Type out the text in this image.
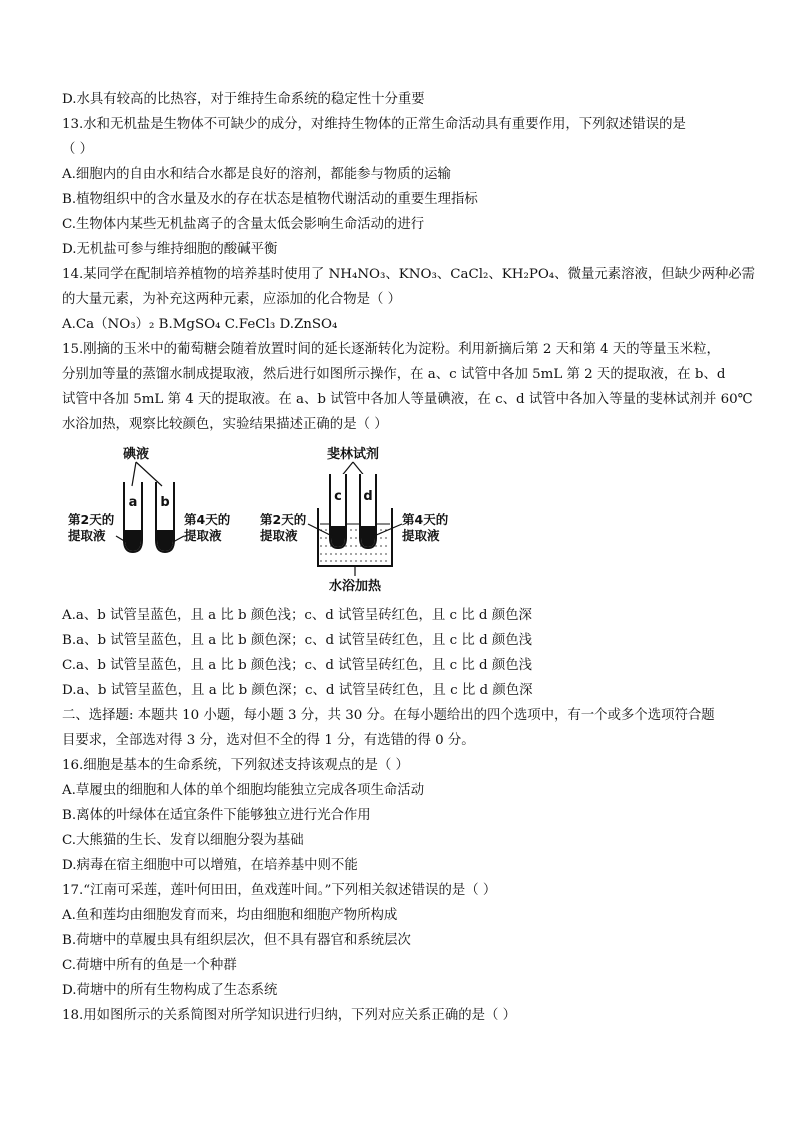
D.水具有较高的比热容，对于维持生命系统的稳定性十分重要
13.水和无机盐是生物体不可缺少的成分，对维持生物体的正常生命活动具有重要作用，下列叙述错误的是
（ ）
A.细胞内的自由水和结合水都是良好的溶剂，都能参与物质的运输
B.植物组织中的含水量及水的存在状态是植物代谢活动的重要生理指标
C.生物体内某些无机盐离子的含量太低会影响生命活动的进行
D.无机盐可参与维持细胞的酸碱平衡
14.某同学在配制培养植物的培养基时使用了 NH₄NO₃、KNO₃、CaCl₂、KH₂PO₄、微量元素溶液，但缺少两种必需
的大量元素，为补充这两种元素，应添加的化合物是（ ）
A.Ca（NO₃）₂ B.MgSO₄ C.FeCl₃ D.ZnSO₄
15.刚摘的玉米中的葡萄糖会随着放置时间的延长逐渐转化为淀粉。利用新摘后第 2 天和第 4 天的等量玉米粒，
分别加等量的蒸馏水制成提取液，然后进行如图所示操作，在 a、c 试管中各加 5mL 第 2 天的提取液，在 b、d
试管中各加 5mL 第 4 天的提取液。在 a、b 试管中各加人等量碘液，在 c、d 试管中各加入等量的斐林试剂并 60℃
水浴加热，观察比较颜色，实验结果描述正确的是（ ）
碘液
a b
第2天的
提取液
第4天的
提取液
斐林试剂
c d
第2天的
提取液
第4天的
提取液
水浴加热
A.a、b 试管呈蓝色，且 a 比 b 颜色浅；c、d 试管呈砖红色，且 c 比 d 颜色深
B.a、b 试管呈蓝色，且 a 比 b 颜色深；c、d 试管呈砖红色，且 c 比 d 颜色浅
C.a、b 试管呈蓝色，且 a 比 b 颜色浅；c、d 试管呈砖红色，且 c 比 d 颜色浅
D.a、b 试管呈蓝色，且 a 比 b 颜色深；c、d 试管呈砖红色，且 c 比 d 颜色深
二、选择题: 本题共 10 小题，每小题 3 分，共 30 分。在每小题给出的四个选项中，有一个或多个选项符合题
目要求，全部选对得 3 分，选对但不全的得 1 分，有选错的得 0 分。
16.细胞是基本的生命系统，下列叙述支持该观点的是（ ）
A.草履虫的细胞和人体的单个细胞均能独立完成各项生命活动
B.离体的叶绿体在适宜条件下能够独立进行光合作用
C.大熊猫的生长、发育以细胞分裂为基础
D.病毒在宿主细胞中可以增殖，在培养基中则不能
17.“江南可采莲，莲叶何田田，鱼戏莲叶间。”下列相关叙述错误的是（ ）
A.鱼和莲均由细胞发育而来，均由细胞和细胞产物所构成
B.荷塘中的草履虫具有组织层次，但不具有器官和系统层次
C.荷塘中所有的鱼是一个种群
D.荷塘中的所有生物构成了生态系统
18.用如图所示的关系简图对所学知识进行归纳，下列对应关系正确的是（ ）
